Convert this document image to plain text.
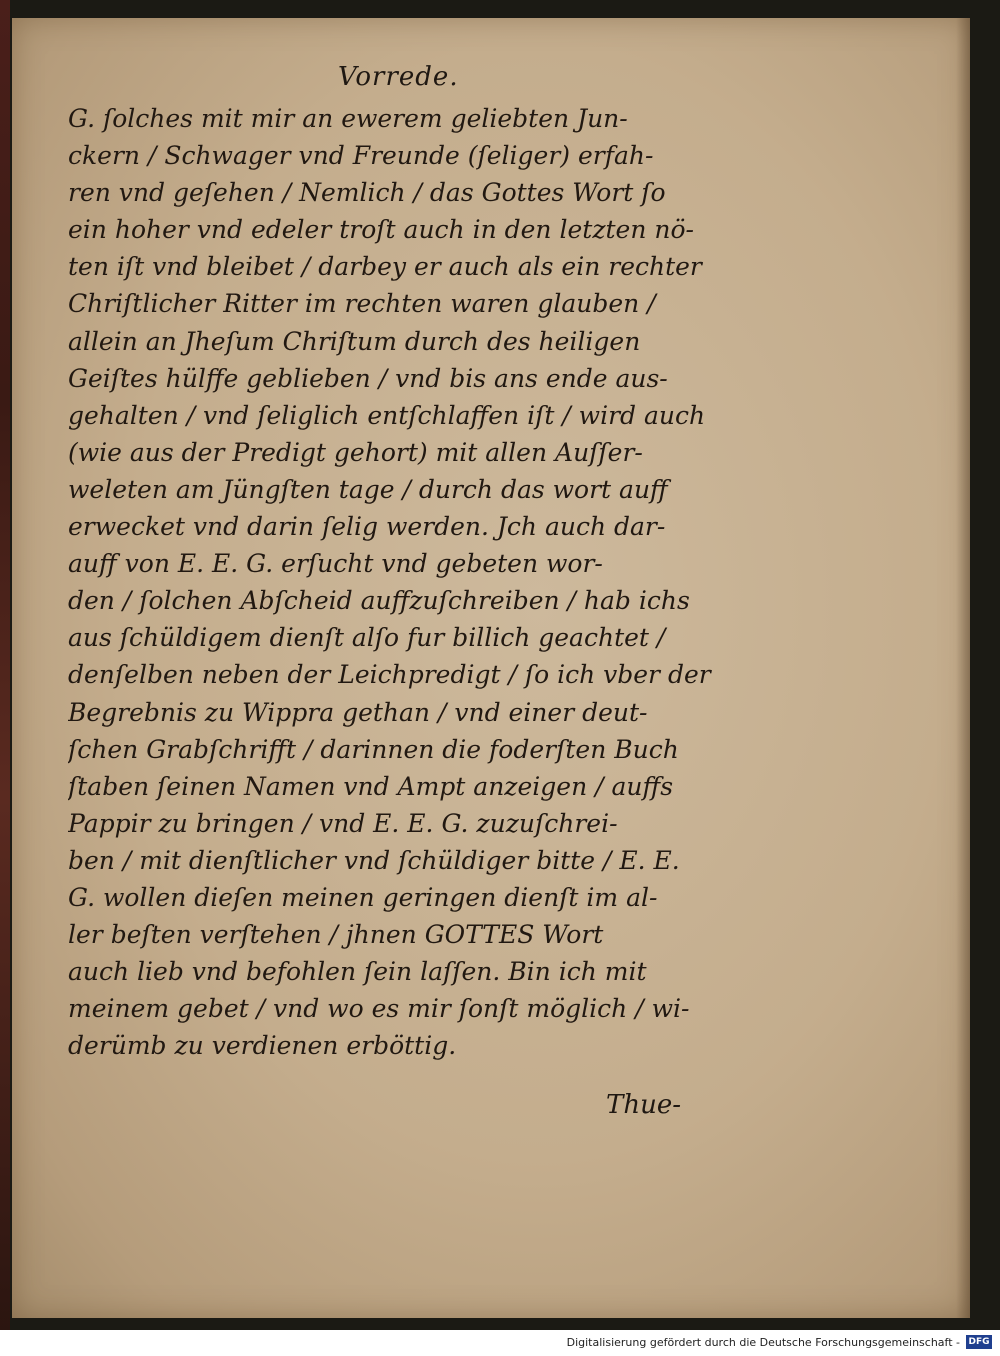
Vorrede.
G. ſolches mit mir an ewerem geliebten Jun-
ckern / Schwager vnd Freunde (ſeliger) erfah-
ren vnd geſehen / Nemlich / das Gottes Wort ſo
ein hoher vnd edeler troſt auch in den letzten nö-
ten iſt vnd bleibet / darbey er auch als ein rechter
Chriſtlicher Ritter im rechten waren glauben /
allein an Jheſum Chriſtum durch des heiligen
Geiſtes hülffe geblieben / vnd bis ans ende aus-
gehalten / vnd ſeliglich entſchlaffen iſt / wird auch
(wie aus der Predigt gehort) mit allen Auſſer-
weleten am Jüngſten tage / durch das wort auff
erwecket vnd darin ſelig werden. Jch auch dar-
auff von E. E. G. erſucht vnd gebeten wor-
den / ſolchen Abſcheid auffzuſchreiben / hab ichs
aus ſchüldigem dienſt alſo fur billich geachtet /
denſelben neben der Leichpredigt / ſo ich vber der
Begrebnis zu Wippra gethan / vnd einer deut-
ſchen Grabſchrifft / darinnen die foderſten Buch
ſtaben ſeinen Namen vnd Ampt anzeigen / auffs
Pappir zu bringen / vnd E. E. G. zuzuſchrei-
ben / mit dienſtlicher vnd ſchüldiger bitte / E. E.
G. wollen dieſen meinen geringen dienſt im al-
ler beſten verſtehen / jhnen GOTTES Wort
auch lieb vnd befohlen ſein laſſen. Bin ich mit
meinem gebet / vnd wo es mir ſonſt möglich / wi-
derümb zu verdienen erböttig.
Thue-
Digitalisierung gefördert durch die Deutsche Forschungsgemeinschaft - DFG
